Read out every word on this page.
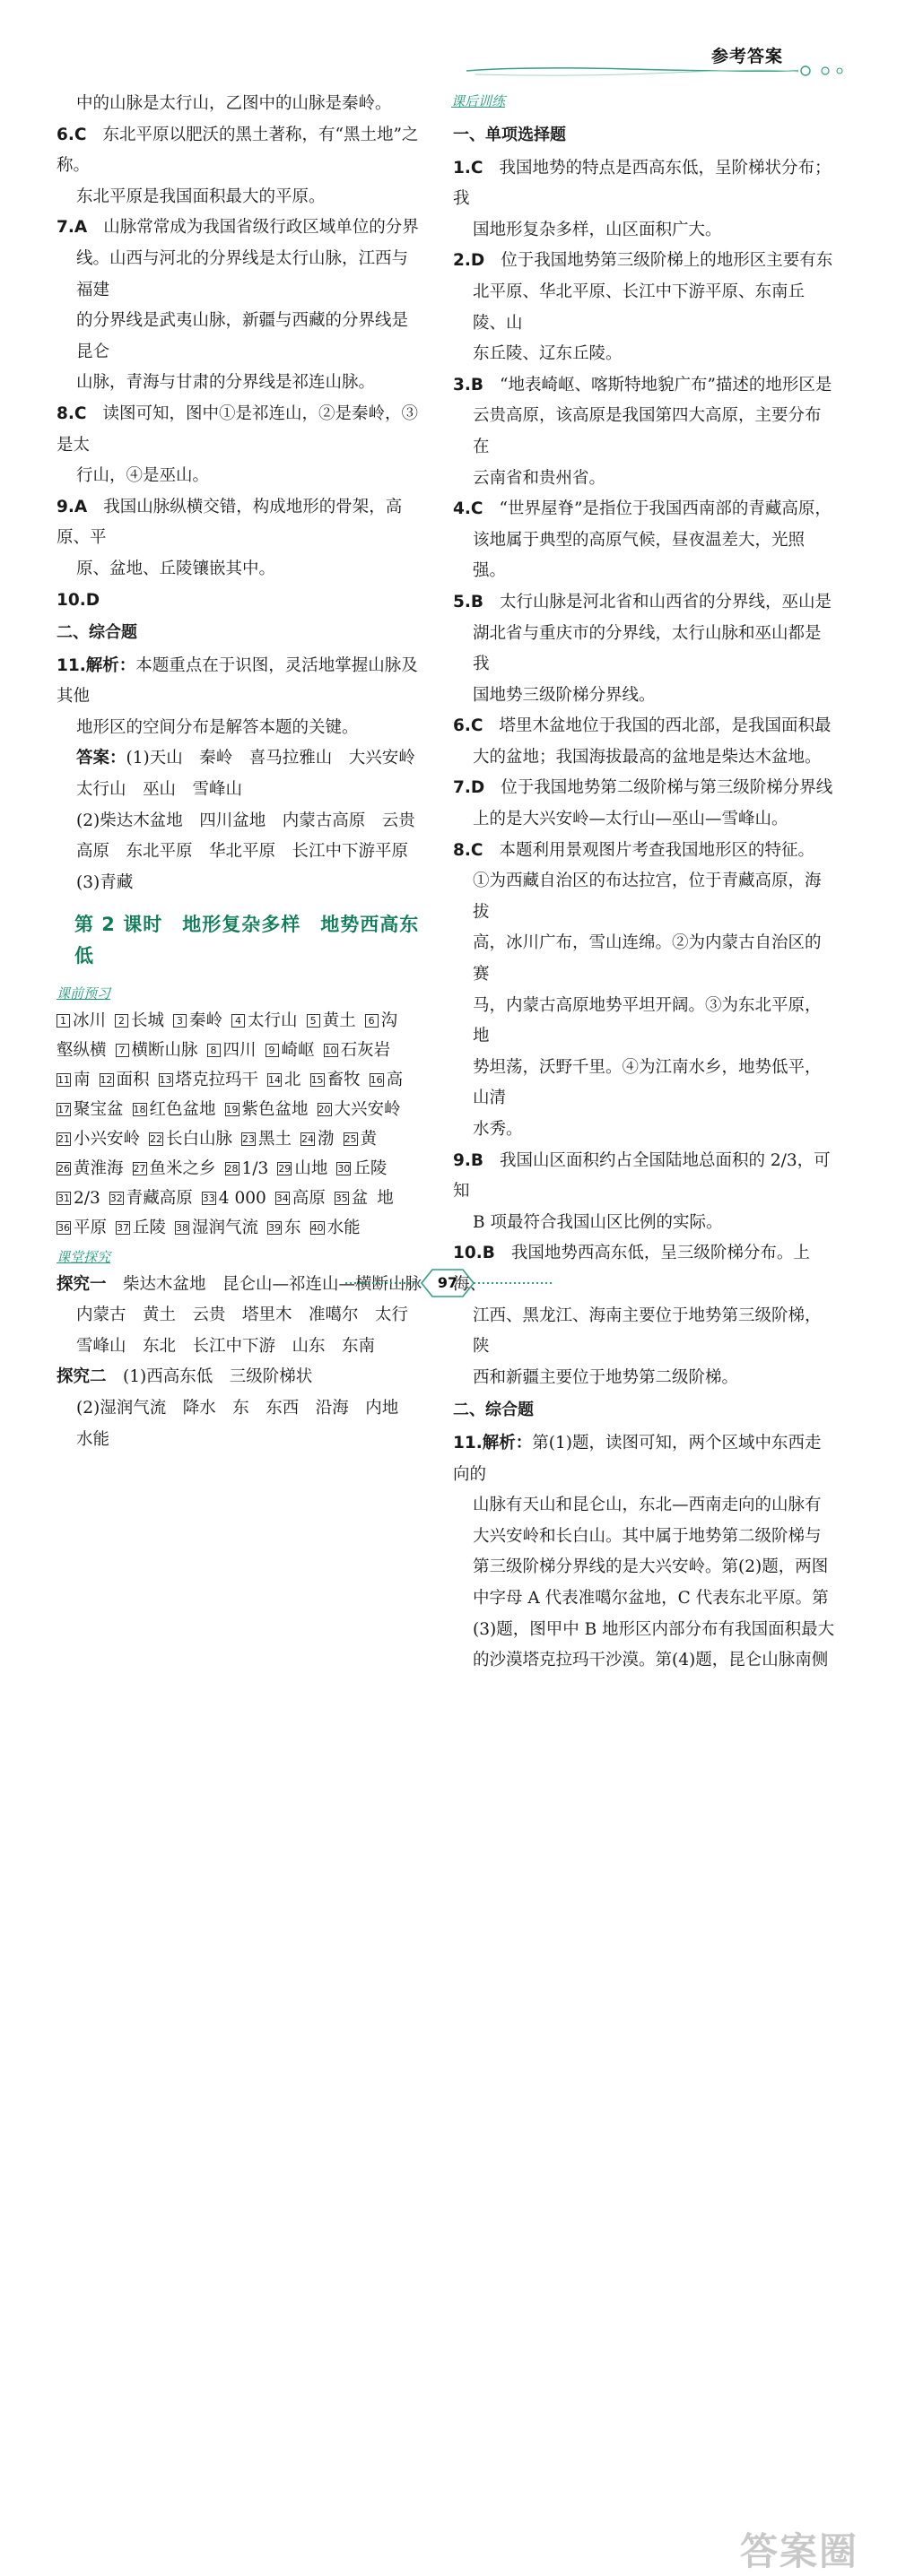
参考答案

中的山脉是太行山，乙图中的山脉是秦岭。

6.C 东北平原以肥沃的黑土著称，有“黑土地”之称。

东北平原是我国面积最大的平原。

7.A 山脉常常成为我国省级行政区域单位的分界

线。山西与河北的分界线是太行山脉，江西与福建

的分界线是武夷山脉，新疆与西藏的分界线是昆仑

山脉，青海与甘肃的分界线是祁连山脉。

8.C 读图可知，图中①是祁连山，②是秦岭，③是太

行山，④是巫山。

9.A 我国山脉纵横交错，构成地形的骨架，高原、平

原、盆地、丘陵镶嵌其中。

10.D

二、综合题

11.解析：本题重点在于识图，灵活地掌握山脉及其他

地形区的空间分布是解答本题的关键。

答案：(1)天山　秦岭　喜马拉雅山　大兴安岭

太行山　巫山　雪峰山

(2)柴达木盆地　四川盆地　内蒙古高原　云贵

高原　东北平原　华北平原　长江中下游平原

(3)青藏

第 2 课时　地形复杂多样　地势西高东低

课前预习

1 冰川	2 长城	3 秦岭	4 太行山	5 黄土	6 沟
壑纵横	7 横断山脉	8 四川	9 崎岖 10 石灰岩
11 南 12 面积 13 塔克拉玛干 14 北 15 畜牧 16 高
17 聚宝盆 18 红色盆地 19 紫色盆地 20 大兴安岭
21 小兴安岭 22 长白山脉 23 黑土 24 渤 25 黄
26 黄淮海 27 鱼米之乡 28 1/3 29 山地 30 丘陵
31 2/3 32 青藏高原 33 4 000 34 高原 35 盆 地
36 平原 37 丘陵 38 湿润气流 39 东 40 水能

课堂探究

探究一　 柴达木盆地　昆仑山—祁连山—横断山脉

内蒙古　黄土　云贵　塔里木　准噶尔　太行

雪峰山　东北　长江中下游　山东　东南

探究二　 (1)西高东低　三级阶梯状

(2)湿润气流　降水　东　东西　沿海　内地

水能

课后训练

一、单项选择题

1.C 我国地势的特点是西高东低，呈阶梯状分布；我

国地形复杂多样，山区面积广大。

2.D 位于我国地势第三级阶梯上的地形区主要有东

北平原、华北平原、长江中下游平原、东南丘陵、山

东丘陵、辽东丘陵。

3.B “地表崎岖、喀斯特地貌广布”描述的地形区是

云贵高原，该高原是我国第四大高原，主要分布在

云南省和贵州省。

4.C “世界屋脊”是指位于我国西南部的青藏高原，

该地属于典型的高原气候，昼夜温差大，光照强。

5.B 太行山脉是河北省和山西省的分界线，巫山是

湖北省与重庆市的分界线，太行山脉和巫山都是我

国地势三级阶梯分界线。

6.C 塔里木盆地位于我国的西北部，是我国面积最

大的盆地；我国海拔最高的盆地是柴达木盆地。

7.D 位于我国地势第二级阶梯与第三级阶梯分界线

上的是大兴安岭—太行山—巫山—雪峰山。

8.C 本题利用景观图片考查我国地形区的特征。

①为西藏自治区的布达拉宫，位于青藏高原，海拔

高，冰川广布，雪山连绵。②为内蒙古自治区的赛

马，内蒙古高原地势平坦开阔。③为东北平原，地

势坦荡，沃野千里。④为江南水乡，地势低平，山清

水秀。

9.B 我国山区面积约占全国陆地总面积的 2/3，可知

B 项最符合我国山区比例的实际。

10.B 我国地势西高东低，呈三级阶梯分布。上海、

江西、黑龙江、海南主要位于地势第三级阶梯，陕

西和新疆主要位于地势第二级阶梯。

二、综合题

11.解析：第(1)题，读图可知，两个区域中东西走向的

山脉有天山和昆仑山，东北—西南走向的山脉有

大兴安岭和长白山。其中属于地势第二级阶梯与

第三级阶梯分界线的是大兴安岭。第(2)题，两图

中字母 A 代表准噶尔盆地，C 代表东北平原。第

(3)题，图甲中 B 地形区内部分布有我国面积最大

的沙漠塔克拉玛干沙漠。第(4)题，昆仑山脉南侧

答案圈
97
